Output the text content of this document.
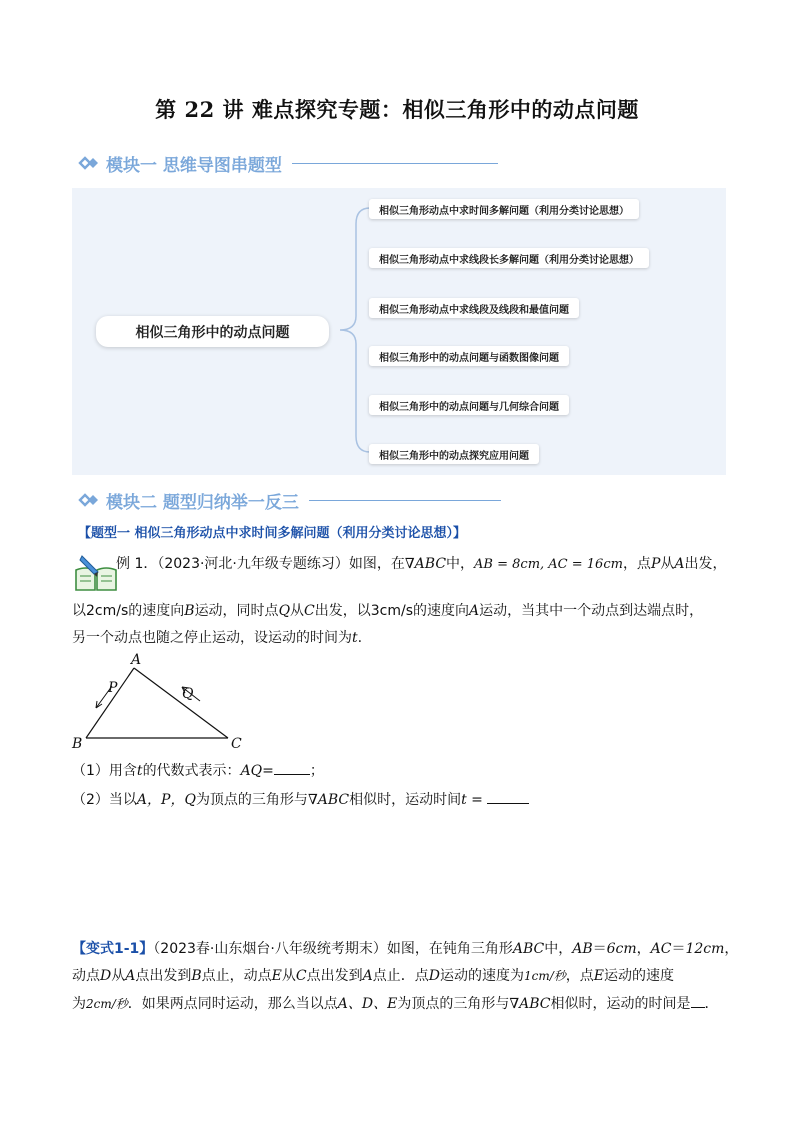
第 22 讲 难点探究专题：相似三角形中的动点问题
模块一 思维导图串题型
相似三角形中的动点问题
相似三角形动点中求时间多解问题（利用分类讨论思想）
相似三角形动点中求线段长多解问题（利用分类讨论思想）
相似三角形动点中求线段及线段和最值问题
相似三角形中的动点问题与函数图像问题
相似三角形中的动点问题与几何综合问题
相似三角形中的动点探究应用问题
模块二 题型归纳举一反三
【题型一 相似三角形动点中求时间多解问题（利用分类讨论思想）】
例 1．（2023·河北·九年级专题练习）如图，在∇ABC中，AB = 8cm, AC = 16cm，点P从A出发，
以2cm/s的速度向B运动，同时点Q从C出发，以3cm/s的速度向A运动，当其中一个动点到达端点时，
另一个动点也随之停止运动，设运动的时间为t.
A
B	C
P	Q
（1）用含t的代数式表示：AQ=	；
（2）当以A，P，Q为顶点的三角形与∇ABC相似时，运动时间t =
【变式1-1】（2023春·山东烟台·八年级统考期末）如图，在钝角三角形ABC中，AB＝6cm，AC＝12cm，
动点D从A点出发到B点止，动点E从C点出发到A点止．点D运动的速度为1cm/秒，点E运动的速度
为2cm/秒．如果两点同时运动，那么当以点A、D、E为顶点的三角形与∇ABC相似时，运动的时间是 ．
